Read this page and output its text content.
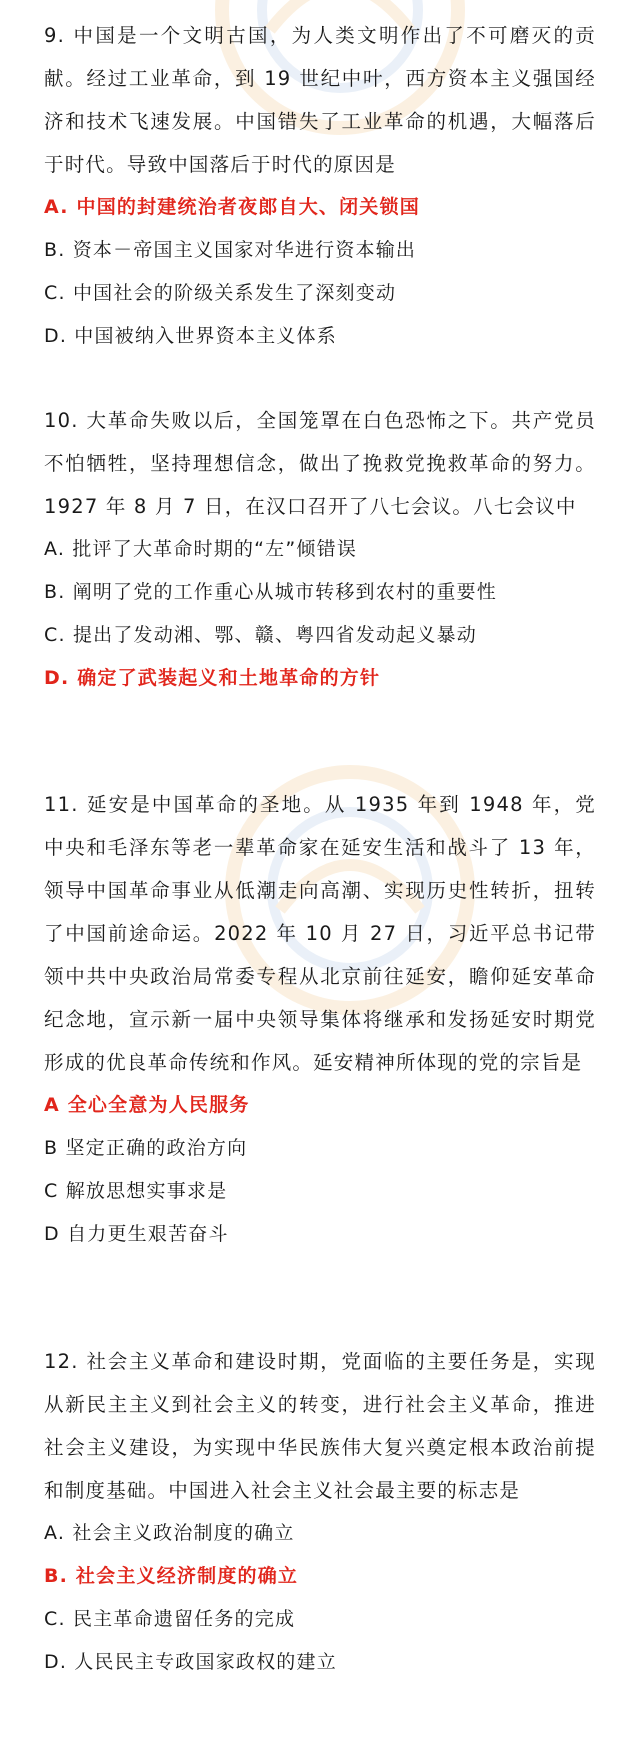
9. 中国是一个文明古国，为人类文明作出了不可磨灭的贡献。经过工业革命，到 19 世纪中叶，西方资本主义强国经济和技术飞速发展。中国错失了工业革命的机遇，大幅落后于时代。导致中国落后于时代的原因是

A. 中国的封建统治者夜郎自大、闭关锁国

B. 资本－帝国主义国家对华进行资本输出

C. 中国社会的阶级关系发生了深刻变动

D. 中国被纳入世界资本主义体系

10. 大革命失败以后，全国笼罩在白色恐怖之下。共产党员不怕牺牲，坚持理想信念，做出了挽救党挽救革命的努力。1927 年 8 月 7 日，在汉口召开了八七会议。八七会议中

A. 批评了大革命时期的“左”倾错误

B. 阐明了党的工作重心从城市转移到农村的重要性

C. 提出了发动湘、鄂、赣、粤四省发动起义暴动

D. 确定了武装起义和土地革命的方针

11. 延安是中国革命的圣地。从 1935 年到 1948 年，党中央和毛泽东等老一辈革命家在延安生活和战斗了 13 年，领导中国革命事业从低潮走向高潮、实现历史性转折，扭转了中国前途命运。2022 年 10 月 27 日，习近平总书记带领中共中央政治局常委专程从北京前往延安，瞻仰延安革命纪念地，宣示新一届中央领导集体将继承和发扬延安时期党形成的优良革命传统和作风。延安精神所体现的党的宗旨是

A 全心全意为人民服务

B 坚定正确的政治方向

C 解放思想实事求是

D 自力更生艰苦奋斗

12. 社会主义革命和建设时期，党面临的主要任务是，实现从新民主主义到社会主义的转变，进行社会主义革命，推进社会主义建设，为实现中华民族伟大复兴奠定根本政治前提和制度基础。中国进入社会主义社会最主要的标志是

A. 社会主义政治制度的确立

B. 社会主义经济制度的确立

C. 民主革命遗留任务的完成

D. 人民民主专政国家政权的建立
